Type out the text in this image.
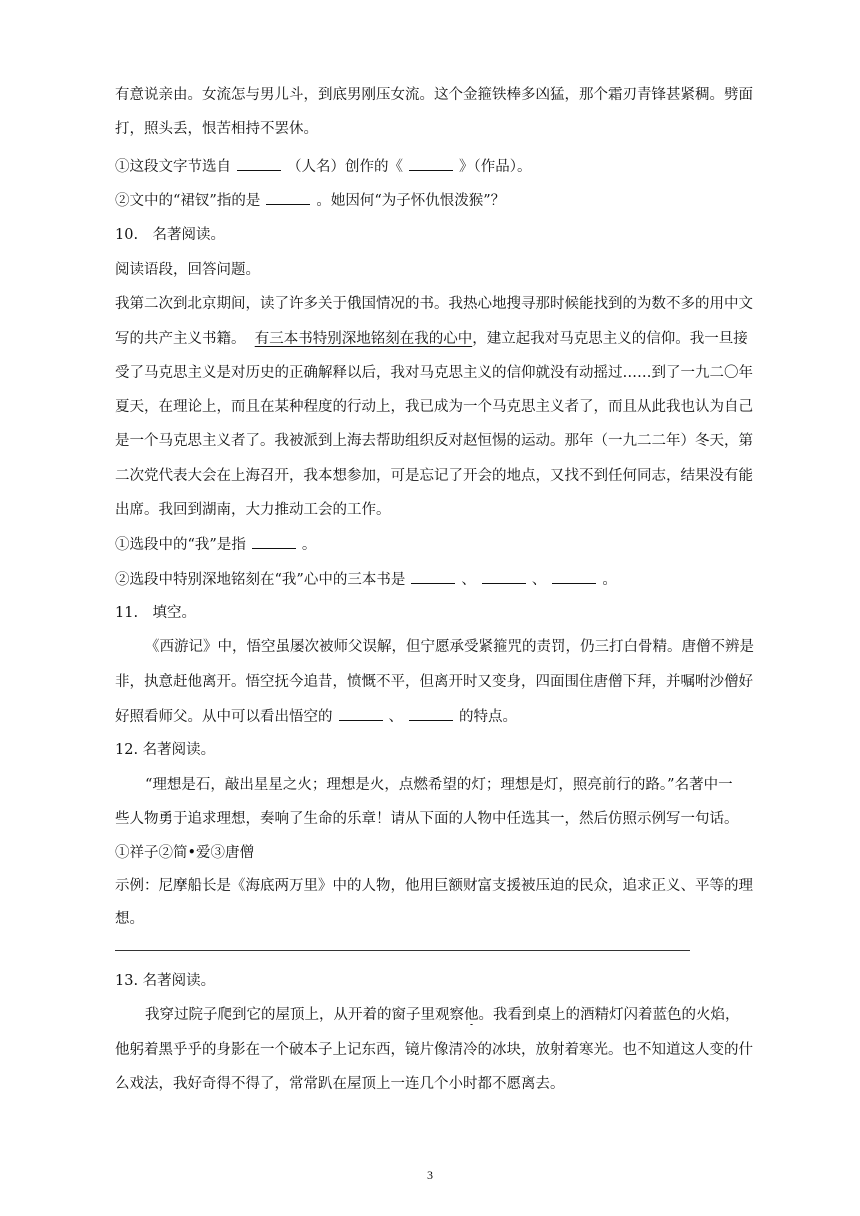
有意说亲由。女流怎与男儿斗，到底男刚压女流。这个金箍铁棒多凶猛，那个霜刃青锋甚紧稠。劈面
打，照头丢，恨苦相持不罢休。
①这段文字节选自	（人名）创作的《	》（作品）。
②文中的“裙钗”指的是	。她因何“为子怀仇恨泼猴”？
10.　名著阅读。
阅读语段，回答问题。
我第二次到北京期间，读了许多关于俄国情况的书。我热心地搜寻那时候能找到的为数不多的用中文
写的共产主义书籍。 有三本书特别深地铭刻在我的心中，建立起我对马克思主义的信仰。我一旦接
受了马克思主义是对历史的正确解释以后，我对马克思主义的信仰就没有动摇过……到了一九二〇年
夏天，在理论上，而且在某种程度的行动上，我已成为一个马克思主义者了，而且从此我也认为自己
是一个马克思主义者了。我被派到上海去帮助组织反对赵恒惕的运动。那年（一九二二年）冬天，第
二次党代表大会在上海召开，我本想参加，可是忘记了开会的地点，又找不到任何同志，结果没有能
出席。我回到湖南，大力推动工会的工作。
①选段中的“我”是指	。
②选段中特别深地铭刻在“我”心中的三本书是	、	、	。
11.　填空。
《西游记》中，悟空虽屡次被师父误解，但宁愿承受紧箍咒的责罚，仍三打白骨精。唐僧不辨是
非，执意赶他离开。悟空抚今追昔，愤慨不平，但离开时又变身，四面围住唐僧下拜，并嘱咐沙僧好
好照看师父。从中可以看出悟空的	、	的特点。
12. 名著阅读。
“理想是石，敲出星星之火；理想是火，点燃希望的灯；理想是灯，照亮前行的路。”名著中一
些人物勇于追求理想，奏响了生命的乐章！请从下面的人物中任选其一，然后仿照示例写一句话。
①祥子②简•爱③唐僧
示例：尼摩船长是《海底两万里》中的人物，他用巨额财富支援被压迫的民众，追求正义、平等的理
想。
13. 名著阅读。
我穿过院子爬到它的屋顶上，从开着的窗子里观察他。我看到桌上的酒精灯闪着蓝色的火焰，
他躬着黑乎乎的身影在一个破本子上记东西，镜片像清冷的冰块，放射着寒光。也不知道这人变的什
么戏法，我好奇得不得了，常常趴在屋顶上一连几个小时都不愿离去。
3
